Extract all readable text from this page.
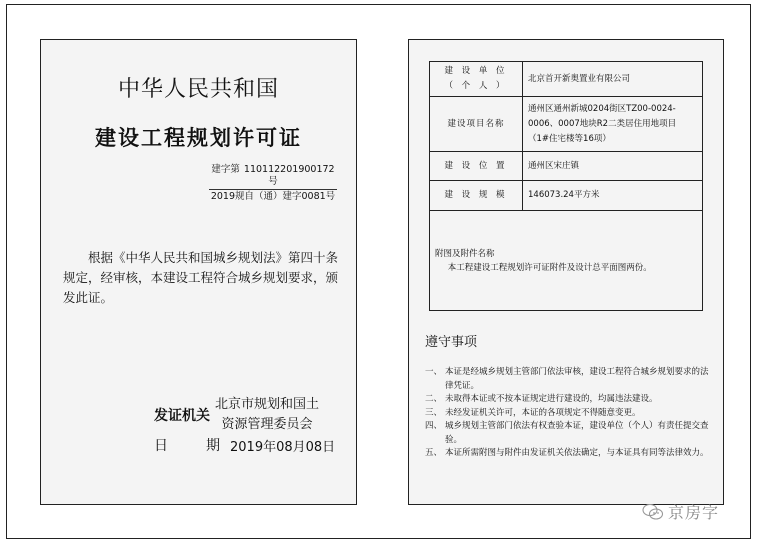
中华人民共和国
建设工程规划许可证
建字第 110112201900172
号
2019规自（通）建字0081号
根据《中华人民共和国城乡规划法》第四十条规定，经审核，本建设工程符合城乡规划要求，颁发此证。
发证机关
北京市规划和国土
资源管理委员会
日	期 2019年08月08日
建 设 单 位
（ 个 人 ）	北京首开新奥置业有限公司
建设项目名称	通州区通州新城0204街区TZ00-0024-0006、0007地块R2二类居住用地项目（1#住宅楼等16项）
建 设 位 置	通州区宋庄镇
建 设 规 模	146073.24平方米

附图及附件名称
本工程建设工程规划许可证附件及设计总平面图两份。	
遵守事项
一、 本证是经城乡规划主管部门依法审核，建设工程符合城乡规划要求的法律凭证。
二、 未取得本证或不按本证规定进行建设的，均属违法建设。
三、 未经发证机关许可，本证的各项规定不得随意变更。
四、 城乡规划主管部门依法有权查验本证，建设单位（个人）有责任提交查验。
五、 本证所需附图与附件由发证机关依法确定，与本证具有同等法律效力。
京房字
